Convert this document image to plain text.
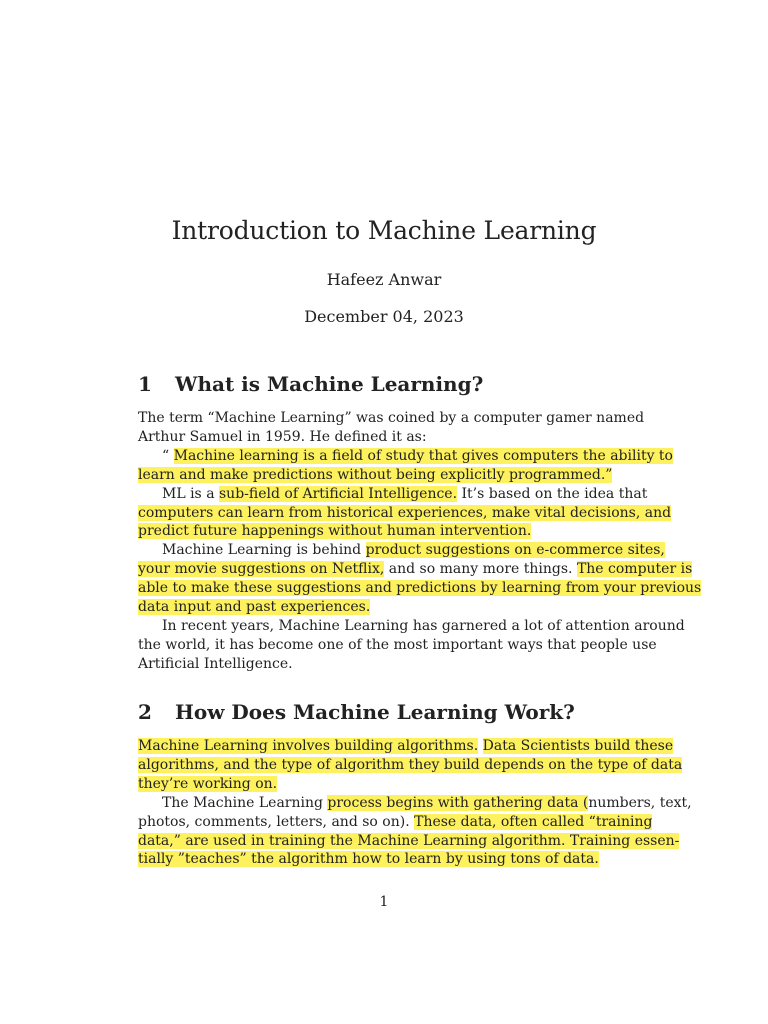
Introduction to Machine Learning
Hafeez Anwar
December 04, 2023
1 What is Machine Learning?
The term “Machine Learning” was coined by a computer gamer named
Arthur Samuel in 1959. He defined it as:
“ Machine learning is a field of study that gives computers the ability to
learn and make predictions without being explicitly programmed.”
ML is a sub-field of Artificial Intelligence. It’s based on the idea that
computers can learn from historical experiences, make vital decisions, and
predict future happenings without human intervention.
Machine Learning is behind product suggestions on e-commerce sites,
your movie suggestions on Netflix, and so many more things. The computer is
able to make these suggestions and predictions by learning from your previous
data input and past experiences.
In recent years, Machine Learning has garnered a lot of attention around
the world, it has become one of the most important ways that people use
Artificial Intelligence.
2 How Does Machine Learning Work?
Machine Learning involves building algorithms. Data Scientists build these
algorithms, and the type of algorithm they build depends on the type of data
they’re working on.
The Machine Learning process begins with gathering data (numbers, text,
photos, comments, letters, and so on). These data, often called “training
data,” are used in training the Machine Learning algorithm. Training essen-
tially ”teaches” the algorithm how to learn by using tons of data.
1
